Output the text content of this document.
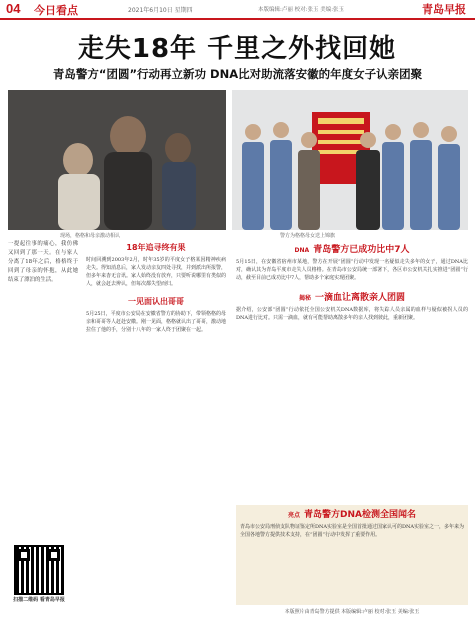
04 今日看点	2021年6月10日 星期四	本版编辑:卢丽 校对:张玉 美编:张玉	青岛早报
走失18年 千里之外找回她
青岛警方“团圆”行动再立新功 DNA比对助流落安徽的年度女子认亲团聚
现场，格格和母亲激动相认	警方为格格母女送上锦旗

一提起往事的痛心，我仿佛又回到了那一天。在与家人分离了18年之后，格格终于回到了母亲的怀抱，从此她结束了漂泊的生活。

18年追寻终有果

时间回溯到2003年2月，时年35岁的平度女子格某因精神疾病走失。得知消息后，家人发动亲友四处寻找，并到派出所报警，但多年来杳无音讯。家人始终没有放弃，只要听说哪里有类似的人，就会赶去辨认，但每次都失望而归。

一见面认出哥哥

5月25日，平度市公安局在安徽省警方的协助下，带领格格的母亲和哥哥等人赶赴安徽。刚一见面，格格就认出了哥哥，激动地拉住了他的手，分别十八年的一家人终于团聚在一起。

DNA 青岛警方已成功比中7人

5月15日，在安徽省宿州市某地，警方在开展“团圆”行动中发现一名疑似走失多年的女子，通过DNA比对，确认其为青岛平度市走失人员格格。在青岛市公安局统一部署下，各区市公安机关扎实推进“团圆”行动，截至目前已成功比中7人，帮助多个家庭实现团聚。

揭秘 一滴血让离散亲人团圆

据介绍，公安部“团圆”行动依托全国公安机关DNA数据库，将失踪人员亲属的血样与疑似被拐人员的DNA进行比对。只需一滴血，就有可能帮助离散多年的亲人找到彼此，重新团聚。

亮点 青岛警方DNA检测全国闻名

青岛市公安局刑侦支队物证鉴定所DNA实验室是全国首批通过国家认可的DNA实验室之一，多年来为全国各地警方提供技术支持，在“团圆”行动中发挥了重要作用。

扫描二维码 看青岛早报
本版照片由青岛警方提供 本版编辑:卢丽 校对:张玉 美编:张玉
